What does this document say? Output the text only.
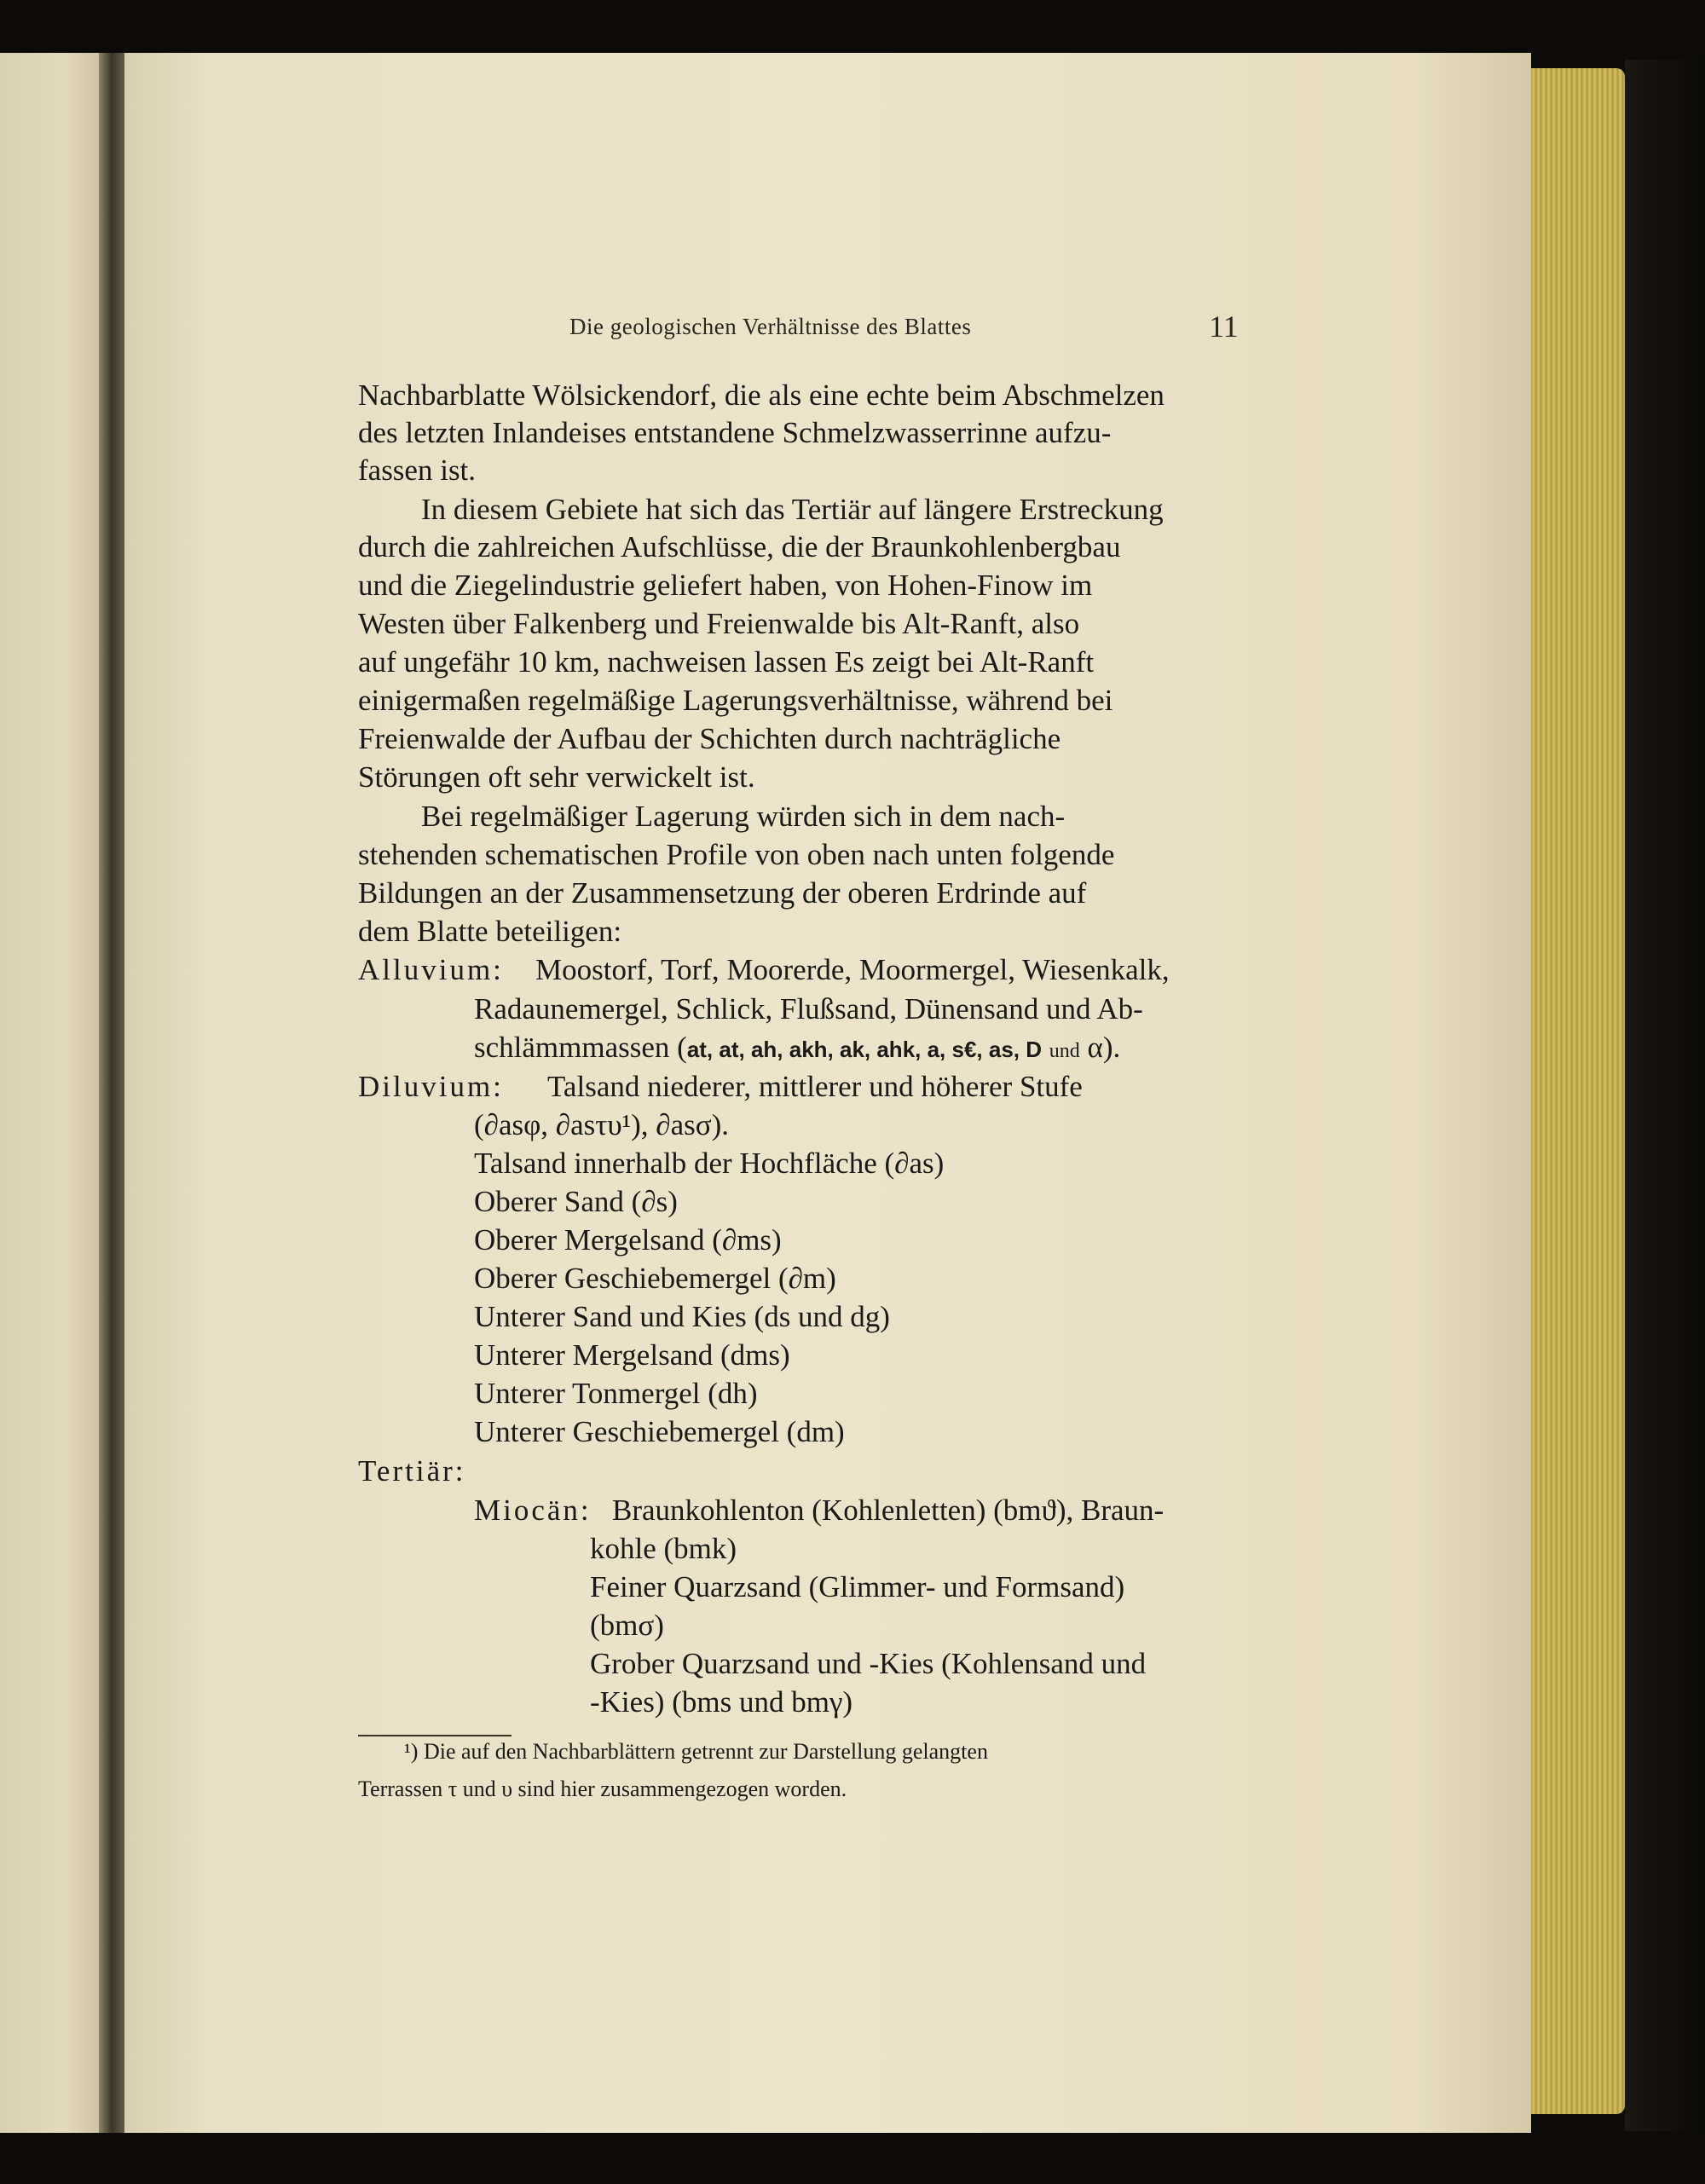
Die geologischen Verhältnisse des Blattes	11
Nachbarblatte Wölsickendorf, die als eine echte beim Abschmelzen
des letzten Inlandeises entstandene Schmelzwasserrinne aufzu-
fassen ist.
In diesem Gebiete hat sich das Tertiär auf längere Erstreckung
durch die zahlreichen Aufschlüsse, die der Braunkohlenbergbau
und die Ziegelindustrie geliefert haben, von Hohen-Finow im
Westen über Falkenberg und Freienwalde bis Alt-Ranft, also
auf ungefähr 10 km, nachweisen lassen Es zeigt bei Alt-Ranft
einigermaßen regelmäßige Lagerungsverhältnisse, während bei
Freienwalde der Aufbau der Schichten durch nachträgliche
Störungen oft sehr verwickelt ist.
Bei regelmäßiger Lagerung würden sich in dem nach-
stehenden schematischen Profile von oben nach unten folgende
Bildungen an der Zusammensetzung der oberen Erdrinde auf
dem Blatte beteiligen:
Alluvium: Moostorf, Torf, Moorerde, Moormergel, Wiesenkalk,
Radaunemergel, Schlick, Flußsand, Dünensand und Ab-
schlämmmassen (at, at, ah, akh, ak, ahk, a, s€, as, D und α).
Diluvium: Talsand niederer, mittlerer und höherer Stufe
(∂asφ, ∂asτυ¹), ∂asσ).
Talsand innerhalb der Hochfläche (∂as)
Oberer Sand (∂s)
Oberer Mergelsand (∂ms)
Oberer Geschiebemergel (∂m)
Unterer Sand und Kies (ds und dg)
Unterer Mergelsand (dms)
Unterer Tonmergel (dh)
Unterer Geschiebemergel (dm)
Tertiär:
Miocän: Braunkohlenton (Kohlenletten) (bmϑ), Braun-
kohle (bmk)
Feiner Quarzsand (Glimmer- und Formsand)
(bmσ)
Grober Quarzsand und -Kies (Kohlensand und
-Kies) (bms und bmγ)
¹) Die auf den Nachbarblättern getrennt zur Darstellung gelangten
Terrassen τ und υ sind hier zusammengezogen worden.
